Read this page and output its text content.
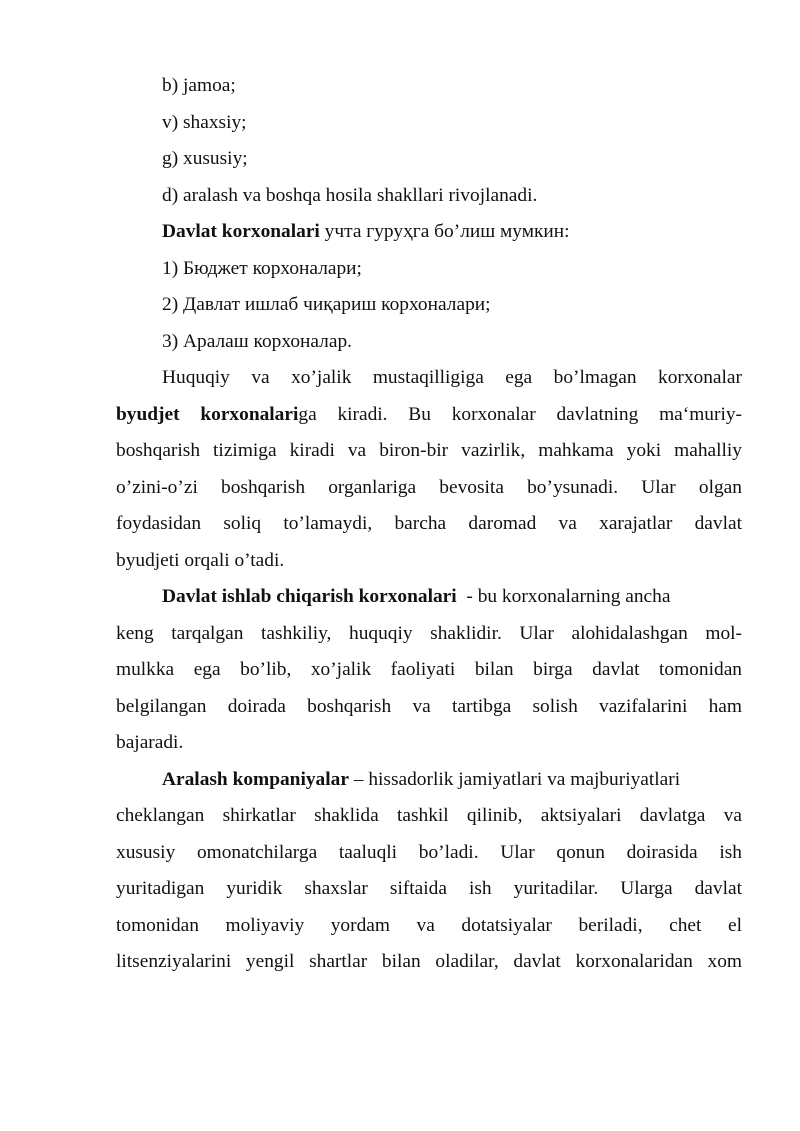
b) jamoa;
v) shaxsiy;
g) xususiy;
d) aralash va boshqa hosila shakllari rivojlanadi.
Davlat korxonalari учта гуруҳга бо’лиш мумкин:
1) Бюджет корхоналари;
2) Давлат ишлаб чиқариш корхоналари;
3) Аралаш корхоналар.
Huquqiy va xo’jalik mustaqilligiga ega bo’lmagan korxonalar
byudjet korxonalariga kiradi. Bu korxonalar davlatning ma‘muriy-
boshqarish tizimiga kiradi va biron-bir vazirlik, mahkama yoki mahalliy
o’zini-o’zi boshqarish organlariga bevosita bo’ysunadi. Ular olgan
foydasidan soliq to’lamaydi, barcha daromad va xarajatlar davlat
byudjeti orqali o’tadi.
Davlat ishlab chiqarish korxonalari  - bu korxonalarning ancha
keng tarqalgan tashkiliy, huquqiy shaklidir. Ular alohidalashgan mol-
mulkka ega bo’lib, xo’jalik faoliyati bilan birga davlat tomonidan
belgilangan doirada boshqarish va tartibga solish vazifalarini ham
bajaradi.
Aralash kompaniyalar – hissadorlik jamiyatlari va majburiyatlari
cheklangan shirkatlar shaklida tashkil qilinib, aktsiyalari davlatga va
xususiy omonatchilarga taaluqli bo’ladi. Ular qonun doirasida ish
yuritadigan yuridik shaxslar siftaida ish yuritadilar. Ularga davlat
tomonidan moliyaviy yordam va dotatsiyalar beriladi, chet el
litsenziyalarini yengil shartlar bilan oladilar, davlat korxonalaridan xom
